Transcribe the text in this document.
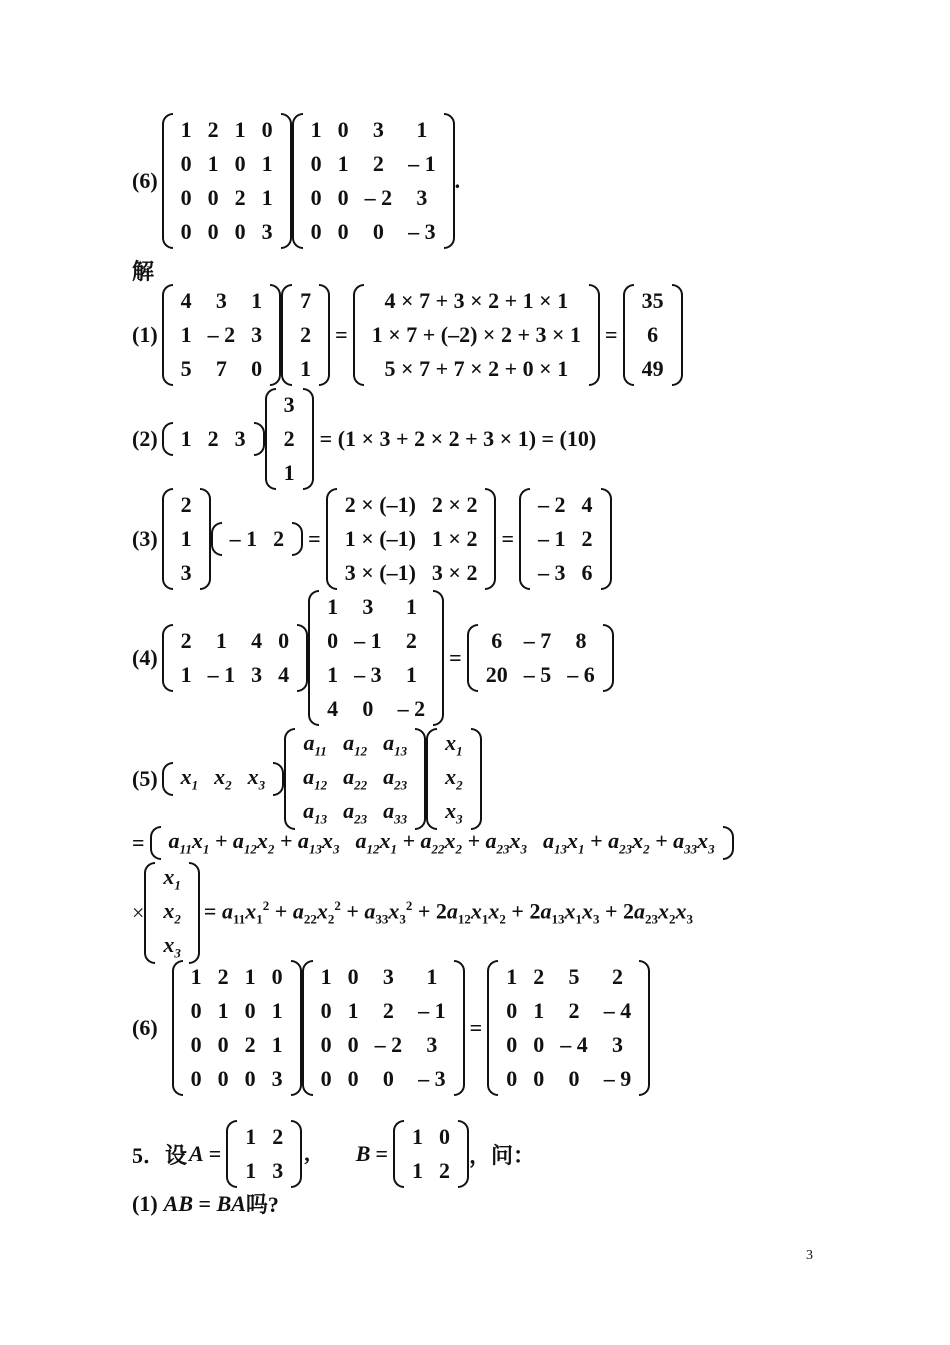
(6)
1	2	1	0
0	1	0	1
0	0	2	1
0	0	0	3
1	0	3	1
0	1	2	– 1
0	0	– 2	3
0	0	0	– 3
.
解
(1)
4	3	1
1	– 2	3
5	7	0
7
2
1
=
4 × 7 + 3 × 2 + 1 × 1
1 × 7 + (–2) × 2 + 3 × 1
5 × 7 + 7 × 2 + 0 × 1
=
35
6
49
(2) 1	2	3
3
2
1
= (1 × 3 + 2 × 2 + 3 × 1) = (10)
(3)
2
1
3
– 1	2 =
2 × (–1)	2 × 2
1 × (–1)	1 × 2
3 × (–1)	3 × 2
=
– 2	4
– 1	2
– 3	6
(4)
2	1	4	0
1	– 1	3	4
1	3	1
0	– 1	2
1	– 3	1
4	0	– 2
=
6	– 7	8
20	– 5	– 6
(5) $x_1$	$x_2$	$x_3$
$a_{11}$	$a_{12}$	$a_{13}$
$a_{12}$	$a_{22}$	$a_{23}$
$a_{13}$	$a_{23}$	$a_{33}$
$x_1$
$x_2$
$x_3$
= $a_{11}x_1 + a_{12}x_2 + a_{13}x_3$	$a_{12}x_1 + a_{22}x_2 + a_{23}x_3$	$a_{13}x_1 + a_{23}x_2 + a_{33}x_3$
×
$x_1$
$x_2$
$x_3$
= $a_{11}x_1^2 + a_{22}x_2^2 + a_{33}x_3^2 + 2a_{12}x_1x_2 + 2a_{13}x_1x_3 + 2a_{23}x_2x_3$
(6)
1	2	1	0
0	1	0	1
0	0	2	1
0	0	0	3
1	0	3	1
0	1	2	– 1
0	0	– 2	3
0	0	0	– 3
=
1	2	5	2
0	1	2	– 4
0	0	– 4	3
0	0	0	– 9
5．设 A =
1	2
1	3
, B =
1	0
1	2
，问：
(1) AB = BA 吗?
3
